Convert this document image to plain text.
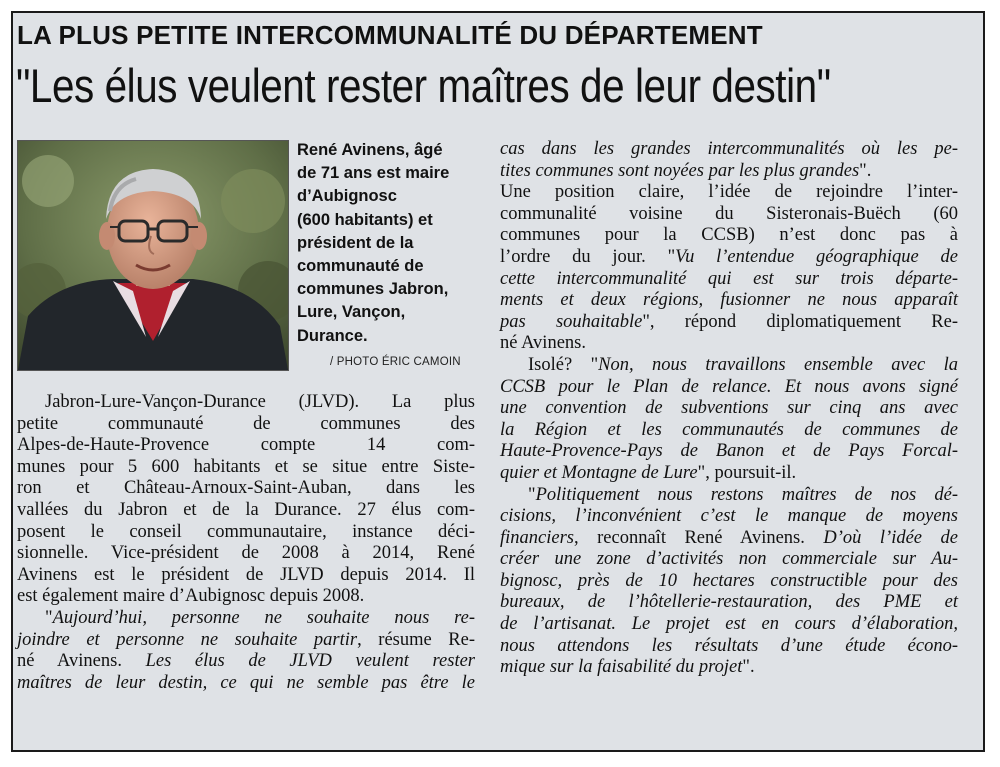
LA PLUS PETITE INTERCOMMUNALITÉ DU DÉPARTEMENT
"Les élus veulent rester maîtres de leur destin"
René Avinens, âgé
de 71 ans est maire
d’Aubignosc
(600 habitants) et
président de la
communauté de
communes Jabron,
Lure, Vançon,
Durance.
/ PHOTO ÉRIC CAMOIN
Jabron-Lure-Vançon-Durance (JLVD). La plus
petite communauté de communes des
Alpes-de-Haute-Provence compte 14 com-
munes pour 5 600 habitants et se situe entre Siste-
ron et Château-Arnoux-Saint-Auban, dans les
vallées du Jabron et de la Durance. 27 élus com-
posent le conseil communautaire, instance déci-
sionnelle. Vice-président de 2008 à 2014, René
Avinens est le président de JLVD depuis 2014. Il
est également maire d’Aubignosc depuis 2008.
"Aujourd’hui, personne ne souhaite nous re-
joindre et personne ne souhaite partir, résume Re-
né Avinens. Les élus de JLVD veulent rester
maîtres de leur destin, ce qui ne semble pas être le
cas dans les grandes intercommunalités où les pe-
tites communes sont noyées par les plus grandes".
Une position claire, l’idée de rejoindre l’inter-
communalité voisine du Sisteronais-Buëch (60
communes pour la CCSB) n’est donc pas à
l’ordre du jour. "Vu l’entendue géographique de
cette intercommunalité qui est sur trois départe-
ments et deux régions, fusionner ne nous apparaît
pas souhaitable", répond diplomatiquement Re-
né Avinens.
Isolé? "Non, nous travaillons ensemble avec la
CCSB pour le Plan de relance. Et nous avons signé
une convention de subventions sur cinq ans avec
la Région et les communautés de communes de
Haute-Provence-Pays de Banon et de Pays Forcal-
quier et Montagne de Lure", poursuit-il.
"Politiquement nous restons maîtres de nos dé-
cisions, l’inconvénient c’est le manque de moyens
financiers, reconnaît René Avinens. D’où l’idée de
créer une zone d’activités non commerciale sur Au-
bignosc, près de 10 hectares constructible pour des
bureaux, de l’hôtellerie-restauration, des PME et
de l’artisanat. Le projet est en cours d’élaboration,
nous attendons les résultats d’une étude écono-
mique sur la faisabilité du projet".
